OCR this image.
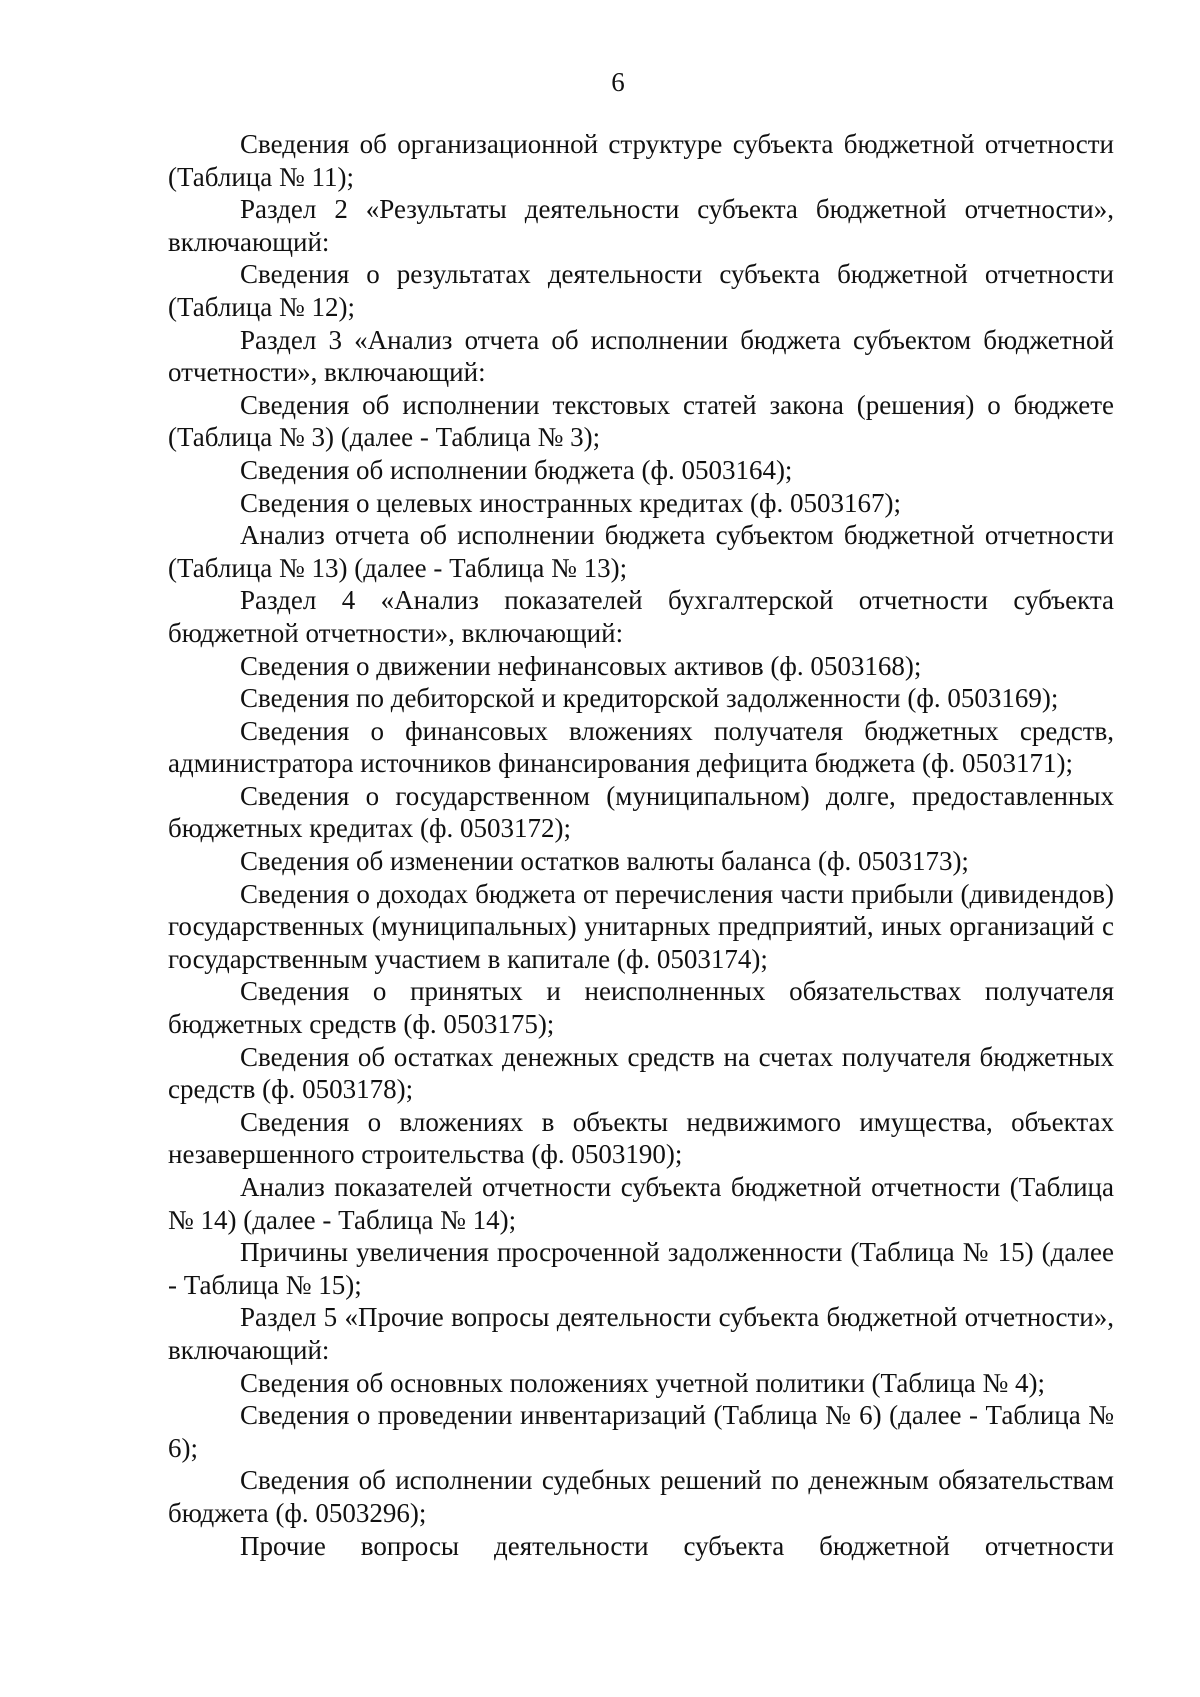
6

Сведения об организационной структуре субъекта бюджетной отчетности (Таблица № 11);

Раздел 2 «Результаты деятельности субъекта бюджетной отчетности», включающий:

Сведения о результатах деятельности субъекта бюджетной отчетности (Таблица № 12);

Раздел 3 «Анализ отчета об исполнении бюджета субъектом бюджетной отчетности», включающий:

Сведения об исполнении текстовых статей закона (решения) о бюджете (Таблица № 3) (далее - Таблица № 3);

Сведения об исполнении бюджета (ф. 0503164);

Сведения о целевых иностранных кредитах (ф. 0503167);

Анализ отчета об исполнении бюджета субъектом бюджетной отчетности (Таблица № 13) (далее - Таблица № 13);

Раздел 4 «Анализ показателей бухгалтерской отчетности субъекта бюджетной отчетности», включающий:

Сведения о движении нефинансовых активов (ф. 0503168);

Сведения по дебиторской и кредиторской задолженности (ф. 0503169);

Сведения о финансовых вложениях получателя бюджетных средств, администратора источников финансирования дефицита бюджета (ф. 0503171);

Сведения о государственном (муниципальном) долге, предоставленных бюджетных кредитах (ф. 0503172);

Сведения об изменении остатков валюты баланса (ф. 0503173);

Сведения о доходах бюджета от перечисления части прибыли (дивидендов) государственных (муниципальных) унитарных предприятий, иных организаций с государственным участием в капитале (ф. 0503174);

Сведения о принятых и неисполненных обязательствах получателя бюджетных средств (ф. 0503175);

Сведения об остатках денежных средств на счетах получателя бюджетных средств (ф. 0503178);

Сведения о вложениях в объекты недвижимого имущества, объектах незавершенного строительства (ф. 0503190);

Анализ показателей отчетности субъекта бюджетной отчетности (Таблица № 14) (далее - Таблица № 14);

Причины увеличения просроченной задолженности (Таблица № 15) (далее - Таблица № 15);

Раздел 5 «Прочие вопросы деятельности субъекта бюджетной отчетности», включающий:

Сведения об основных положениях учетной политики (Таблица № 4);

Сведения о проведении инвентаризаций (Таблица № 6) (далее - Таблица № 6);

Сведения об исполнении судебных решений по денежным обязательствам бюджета (ф. 0503296);

Прочие вопросы деятельности субъекта бюджетной отчетности
